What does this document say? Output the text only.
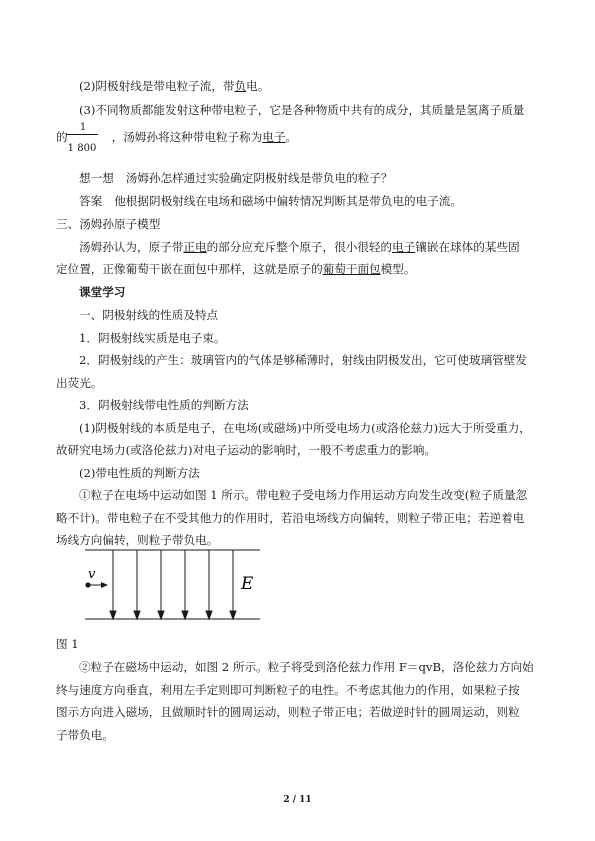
(2)阴极射线是带电粒子流，带负电。
(3)不同物质都能发射这种带电粒子，它是各种物质中共有的成分，其质量是氢离子质量
1
1 800
的	，汤姆孙将这种带电粒子称为电子。
想一想 汤姆孙怎样通过实验确定阴极射线是带负电的粒子？
答案 他根据阴极射线在电场和磁场中偏转情况判断其是带负电的电子流。
三、汤姆孙原子模型
汤姆孙认为，原子带正电的部分应充斥整个原子，很小很轻的电子镶嵌在球体的某些固
定位置，正像葡萄干嵌在面包中那样，这就是原子的葡萄干面包模型。
课堂学习
一、阴极射线的性质及特点
1．阴极射线实质是电子束。
2．阴极射线的产生：玻璃管内的气体是够稀薄时，射线由阴极发出，它可使玻璃管壁发
出荧光。
3．阴极射线带电性质的判断方法
(1)阴极射线的本质是电子，在电场(或磁场)中所受电场力(或洛伦兹力)远大于所受重力，
故研究电场力(或洛伦兹力)对电子运动的影响时，一般不考虑重力的影响。
(2)带电性质的判断方法
①粒子在电场中运动如图 1 所示。带电粒子受电场力作用运动方向发生改变(粒子质量忽
略不计)。带电粒子在不受其他力的作用时，若沿电场线方向偏转，则粒子带正电；若逆着电
场线方向偏转，则粒子带负电。
v	E
图 1
②粒子在磁场中运动，如图 2 所示。粒子将受到洛伦兹力作用 F＝qvB，洛伦兹力方向始
终与速度方向垂直，利用左手定则即可判断粒子的电性。不考虑其他力的作用，如果粒子按
图示方向进入磁场，且做顺时针的圆周运动，则粒子带正电；若做逆时针的圆周运动，则粒
子带负电。
2 / 11
